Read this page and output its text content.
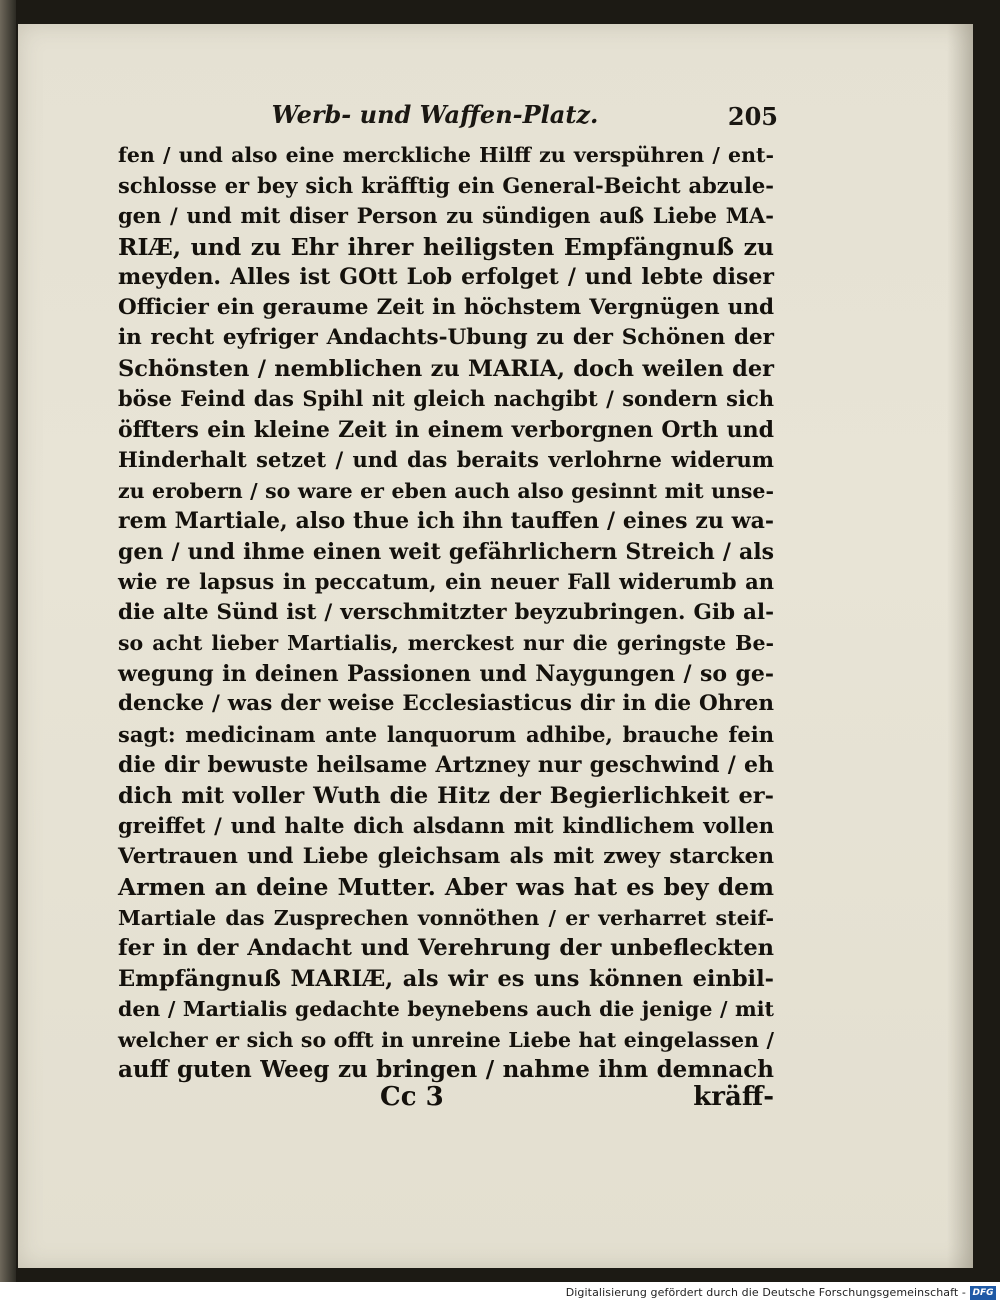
Werb- und Waffen-Platz.	205
fen / und also eine merckliche Hilff zu verspühren / ent-
schlosse er bey sich kräfftig ein General-Beicht abzule-
gen / und mit diser Person zu sündigen auß Liebe MA-
RIÆ, und zu Ehr ihrer heiligsten Empfängnuß zu
meyden. Alles ist GOtt Lob erfolget / und lebte diser
Officier ein geraume Zeit in höchstem Vergnügen und
in recht eyfriger Andachts-Ubung zu der Schönen der
Schönsten / nemblichen zu MARIA, doch weilen der
böse Feind das Spihl nit gleich nachgibt / sondern sich
öffters ein kleine Zeit in einem verborgnen Orth und
Hinderhalt setzet / und das beraits verlohrne widerum
zu erobern / so ware er eben auch also gesinnt mit unse-
rem Martiale, also thue ich ihn tauffen / eines zu wa-
gen / und ihme einen weit gefährlichern Streich / als
wie re lapsus in peccatum, ein neuer Fall widerumb an
die alte Sünd ist / verschmitzter beyzubringen. Gib al-
so acht lieber Martialis, merckest nur die geringste Be-
wegung in deinen Passionen und Naygungen / so ge-
dencke / was der weise Ecclesiasticus dir in die Ohren
sagt: medicinam ante lanquorum adhibe, brauche fein
die dir bewuste heilsame Artzney nur geschwind / eh
dich mit voller Wuth die Hitz der Begierlichkeit er-
greiffet / und halte dich alsdann mit kindlichem vollen
Vertrauen und Liebe gleichsam als mit zwey starcken
Armen an deine Mutter. Aber was hat es bey dem
Martiale das Zusprechen vonnöthen / er verharret steif-
fer in der Andacht und Verehrung der unbefleckten
Empfängnuß MARIÆ, als wir es uns können einbil-
den / Martialis gedachte beynebens auch die jenige / mit
welcher er sich so offt in unreine Liebe hat eingelassen /
auff guten Weeg zu bringen / nahme ihm demnach
Cc 3	kräff-
Digitalisierung gefördert durch die Deutsche Forschungsgemeinschaft - DFG
